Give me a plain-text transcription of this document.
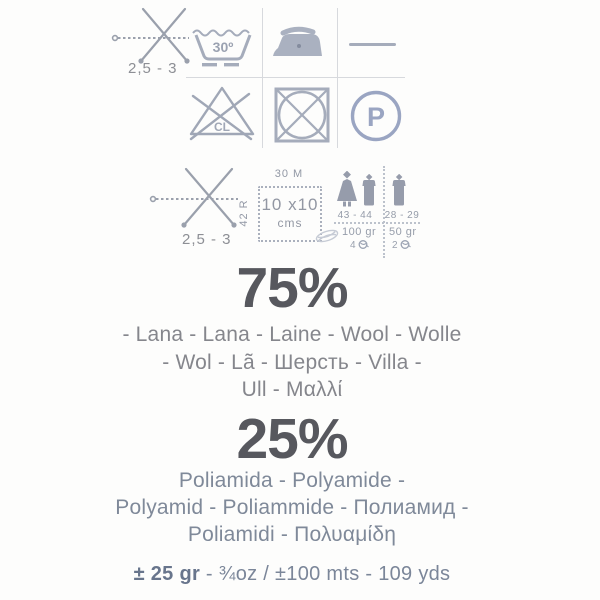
2,5 - 3
30º
CL	P
2,5 - 3
30 M
42 R 10 x10
cms
43 - 44	28 - 29
100 gr
4
50 gr
2
75%
- Lana - Lana - Laine - Wool - Wolle
- Wol - Lã - Шерсть - Villa -
Ull - Μαλλί
25%
Poliamida - Polyamide -
Polyamid - Poliammide - Полиамид -
Poliamidi - Πολυαμίδη
± 25 gr - ¾oz / ±100 mts - 109 yds
